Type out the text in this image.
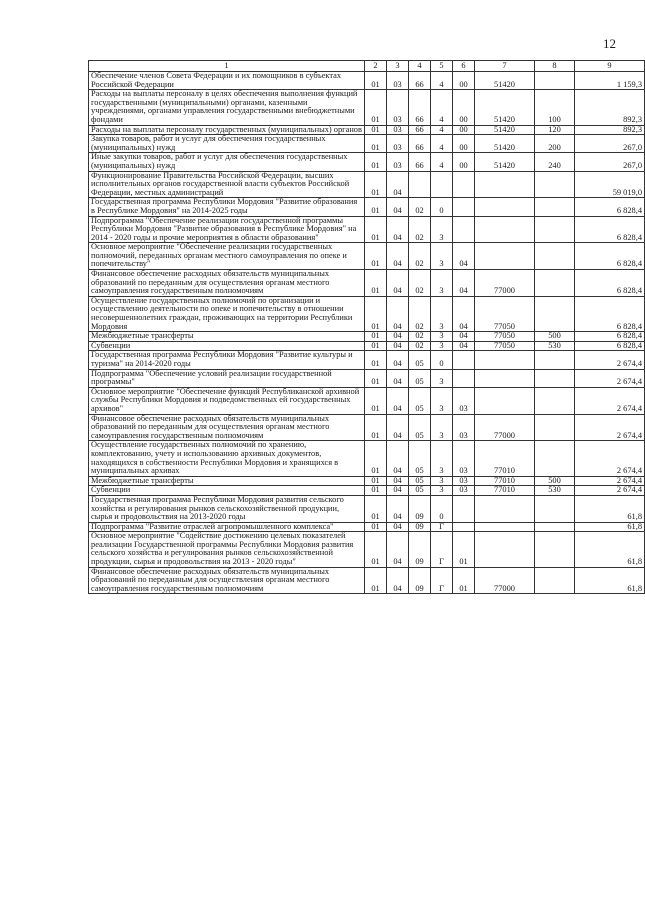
12
1	2	3	4	5	6	7	8	9
Обеспечение членов Совета Федерации и их помощников в субъектах Российской Федерации	01	03	66	4	00	51420		1 159,3
Расходы на выплаты персоналу в целях обеспечения выполнения функций государственными (муниципальными) органами, казенными учреждениями, органами управления государственными внебюджетными фондами	01	03	66	4	00	51420	100	892,3
Расходы на выплаты персоналу государственных (муниципальных) органов	01	03	66	4	00	51420	120	892,3
Закупка товаров, работ и услуг для обеспечения государственных (муниципальных) нужд	01	03	66	4	00	51420	200	267,0
Иные закупки товаров, работ и услуг для обеспечения государственных (муниципальных) нужд	01	03	66	4	00	51420	240	267,0
Функционирование Правительства Российской Федерации, высших исполнительных органов государственной власти субъектов Российской Федерации, местных администраций	01	04						59 019,0
Государственная программа Республики Мордовия "Развитие образования в Республике Мордовия" на 2014-2025 годы	01	04	02	0				6 828,4
Подпрограмма "Обеспечение реализации государственной программы Республики Мордовия "Развитие образования в Республике Мордовия" на 2014 - 2020 годы и прочие мероприятия в области образования"	01	04	02	3				6 828,4
Основное мероприятие "Обеспечение реализации государственных полномочий, переданных органам местного самоуправления по опеке и попечительству"	01	04	02	3	04			6 828,4
Финансовое обеспечение расходных обязательств муниципальных образований по переданным для осуществления органам местного самоуправления государственным полномочиям	01	04	02	3	04	77000		6 828,4
Осуществление государственных полномочий по организации и осуществлению деятельности по опеке и попечительству в отношении несовершеннолетних граждан, проживающих на территории Республики Мордовия	01	04	02	3	04	77050		6 828,4
Межбюджетные трансферты	01	04	02	3	04	77050	500	6 828,4
Субвенции	01	04	02	3	04	77050	530	6 828,4
Государственная программа Республики Мордовия "Развитие культуры и туризма" на 2014-2020 годы	01	04	05	0				2 674,4
Подпрограмма "Обеспечение условий реализации государственной программы"	01	04	05	3				2 674,4
Основное мероприятие "Обеспечение функций Республиканской архивной службы Республики Мордовия и подведомственных ей государственных архивов"	01	04	05	3	03			2 674,4
Финансовое обеспечение расходных обязательств муниципальных образований по переданным для осуществления органам местного самоуправления государственным полномочиям	01	04	05	3	03	77000		2 674,4
Осуществление государственных полномочий по хранению, комплектованию, учету и использованию архивных документов, находящихся в собственности Республики Мордовия и хранящихся в муниципальных архивах	01	04	05	3	03	77010		2 674,4
Межбюджетные трансферты	01	04	05	3	03	77010	500	2 674,4
Субвенции	01	04	05	3	03	77010	530	2 674,4
Государственная программа Республики Мордовия развития сельского хозяйства и регулирования рынков сельскохозяйственной продукции, сырья и продовольствия на 2013-2020 годы	01	04	09	0				61,8
Подпрограмма "Развитие отраслей агропромышленного комплекса"	01	04	09	Г				61,8
Основное мероприятие "Содействие достижению целевых показателей реализации Государственной программы Республики Мордовия развития сельского хозяйства и регулирования рынков сельскохозяйственной продукции, сырья и продовольствия на 2013 - 2020 годы"	01	04	09	Г	01			61,8
Финансовое обеспечение расходных обязательств муниципальных образований по переданным для осуществления органам местного самоуправления государственным полномочиям	01	04	09	Г	01	77000		61,8
